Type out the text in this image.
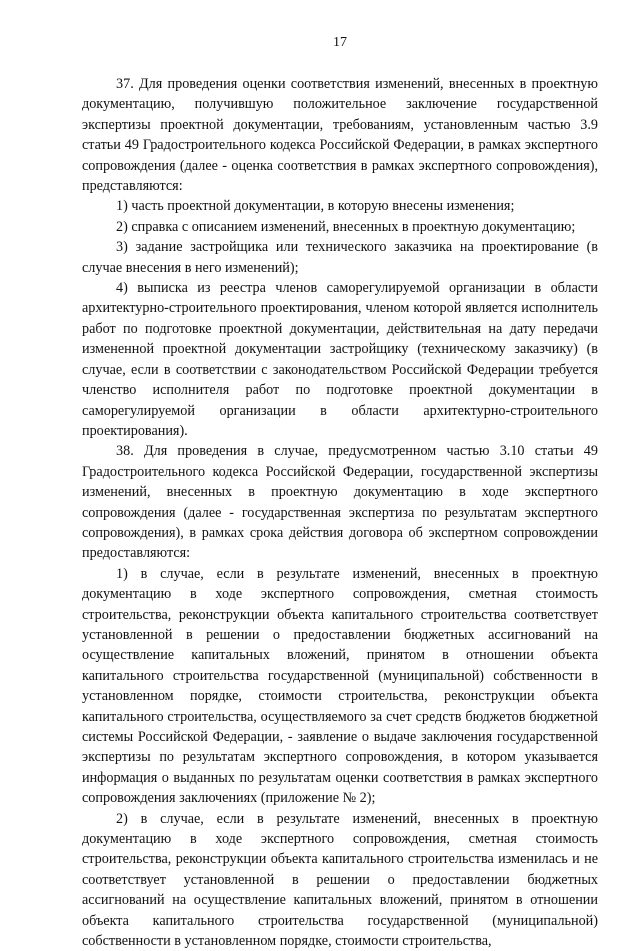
17

37. Для проведения оценки соответствия изменений, внесенных в проектную документацию, получившую положительное заключение государственной экспертизы проектной документации, требованиям, установленным частью 3.9 статьи 49 Градостроительного кодекса Российской Федерации, в рамках экспертного сопровождения (далее - оценка соответствия в рамках экспертного сопровождения), представляются:

1) часть проектной документации, в которую внесены изменения;

2) справка с описанием изменений, внесенных в проектную документацию;

3) задание застройщика или технического заказчика на проектирование (в случае внесения в него изменений);

4) выписка из реестра членов саморегулируемой организации в области архитектурно-строительного проектирования, членом которой является исполнитель работ по подготовке проектной документации, действительная на дату передачи измененной проектной документации застройщику (техническому заказчику) (в случае, если в соответствии с законодательством Российской Федерации требуется членство исполнителя работ по подготовке проектной документации в саморегулируемой организации в области архитектурно-строительного проектирования).

38. Для проведения в случае, предусмотренном частью 3.10 статьи 49 Градостроительного кодекса Российской Федерации, государственной экспертизы изменений, внесенных в проектную документацию в ходе экспертного сопровождения (далее - государственная экспертиза по результатам экспертного сопровождения), в рамках срока действия договора об экспертном сопровождении предоставляются:

1) в случае, если в результате изменений, внесенных в проектную документацию в ходе экспертного сопровождения, сметная стоимость строительства, реконструкции объекта капитального строительства соответствует установленной в решении о предоставлении бюджетных ассигнований на осуществление капитальных вложений, принятом в отношении объекта капитального строительства государственной (муниципальной) собственности в установленном порядке, стоимости строительства, реконструкции объекта капитального строительства, осуществляемого за счет средств бюджетов бюджетной системы Российской Федерации, - заявление о выдаче заключения государственной экспертизы по результатам экспертного сопровождения, в котором указывается информация о выданных по результатам оценки соответствия в рамках экспертного сопровождения заключениях (приложение № 2);

2) в случае, если в результате изменений, внесенных в проектную документацию в ходе экспертного сопровождения, сметная стоимость строительства, реконструкции объекта капитального строительства изменилась и не соответствует установленной в решении о предоставлении бюджетных ассигнований на осуществление капитальных вложений, принятом в отношении объекта капитального строительства государственной (муниципальной) собственности в установленном порядке, стоимости строительства,
